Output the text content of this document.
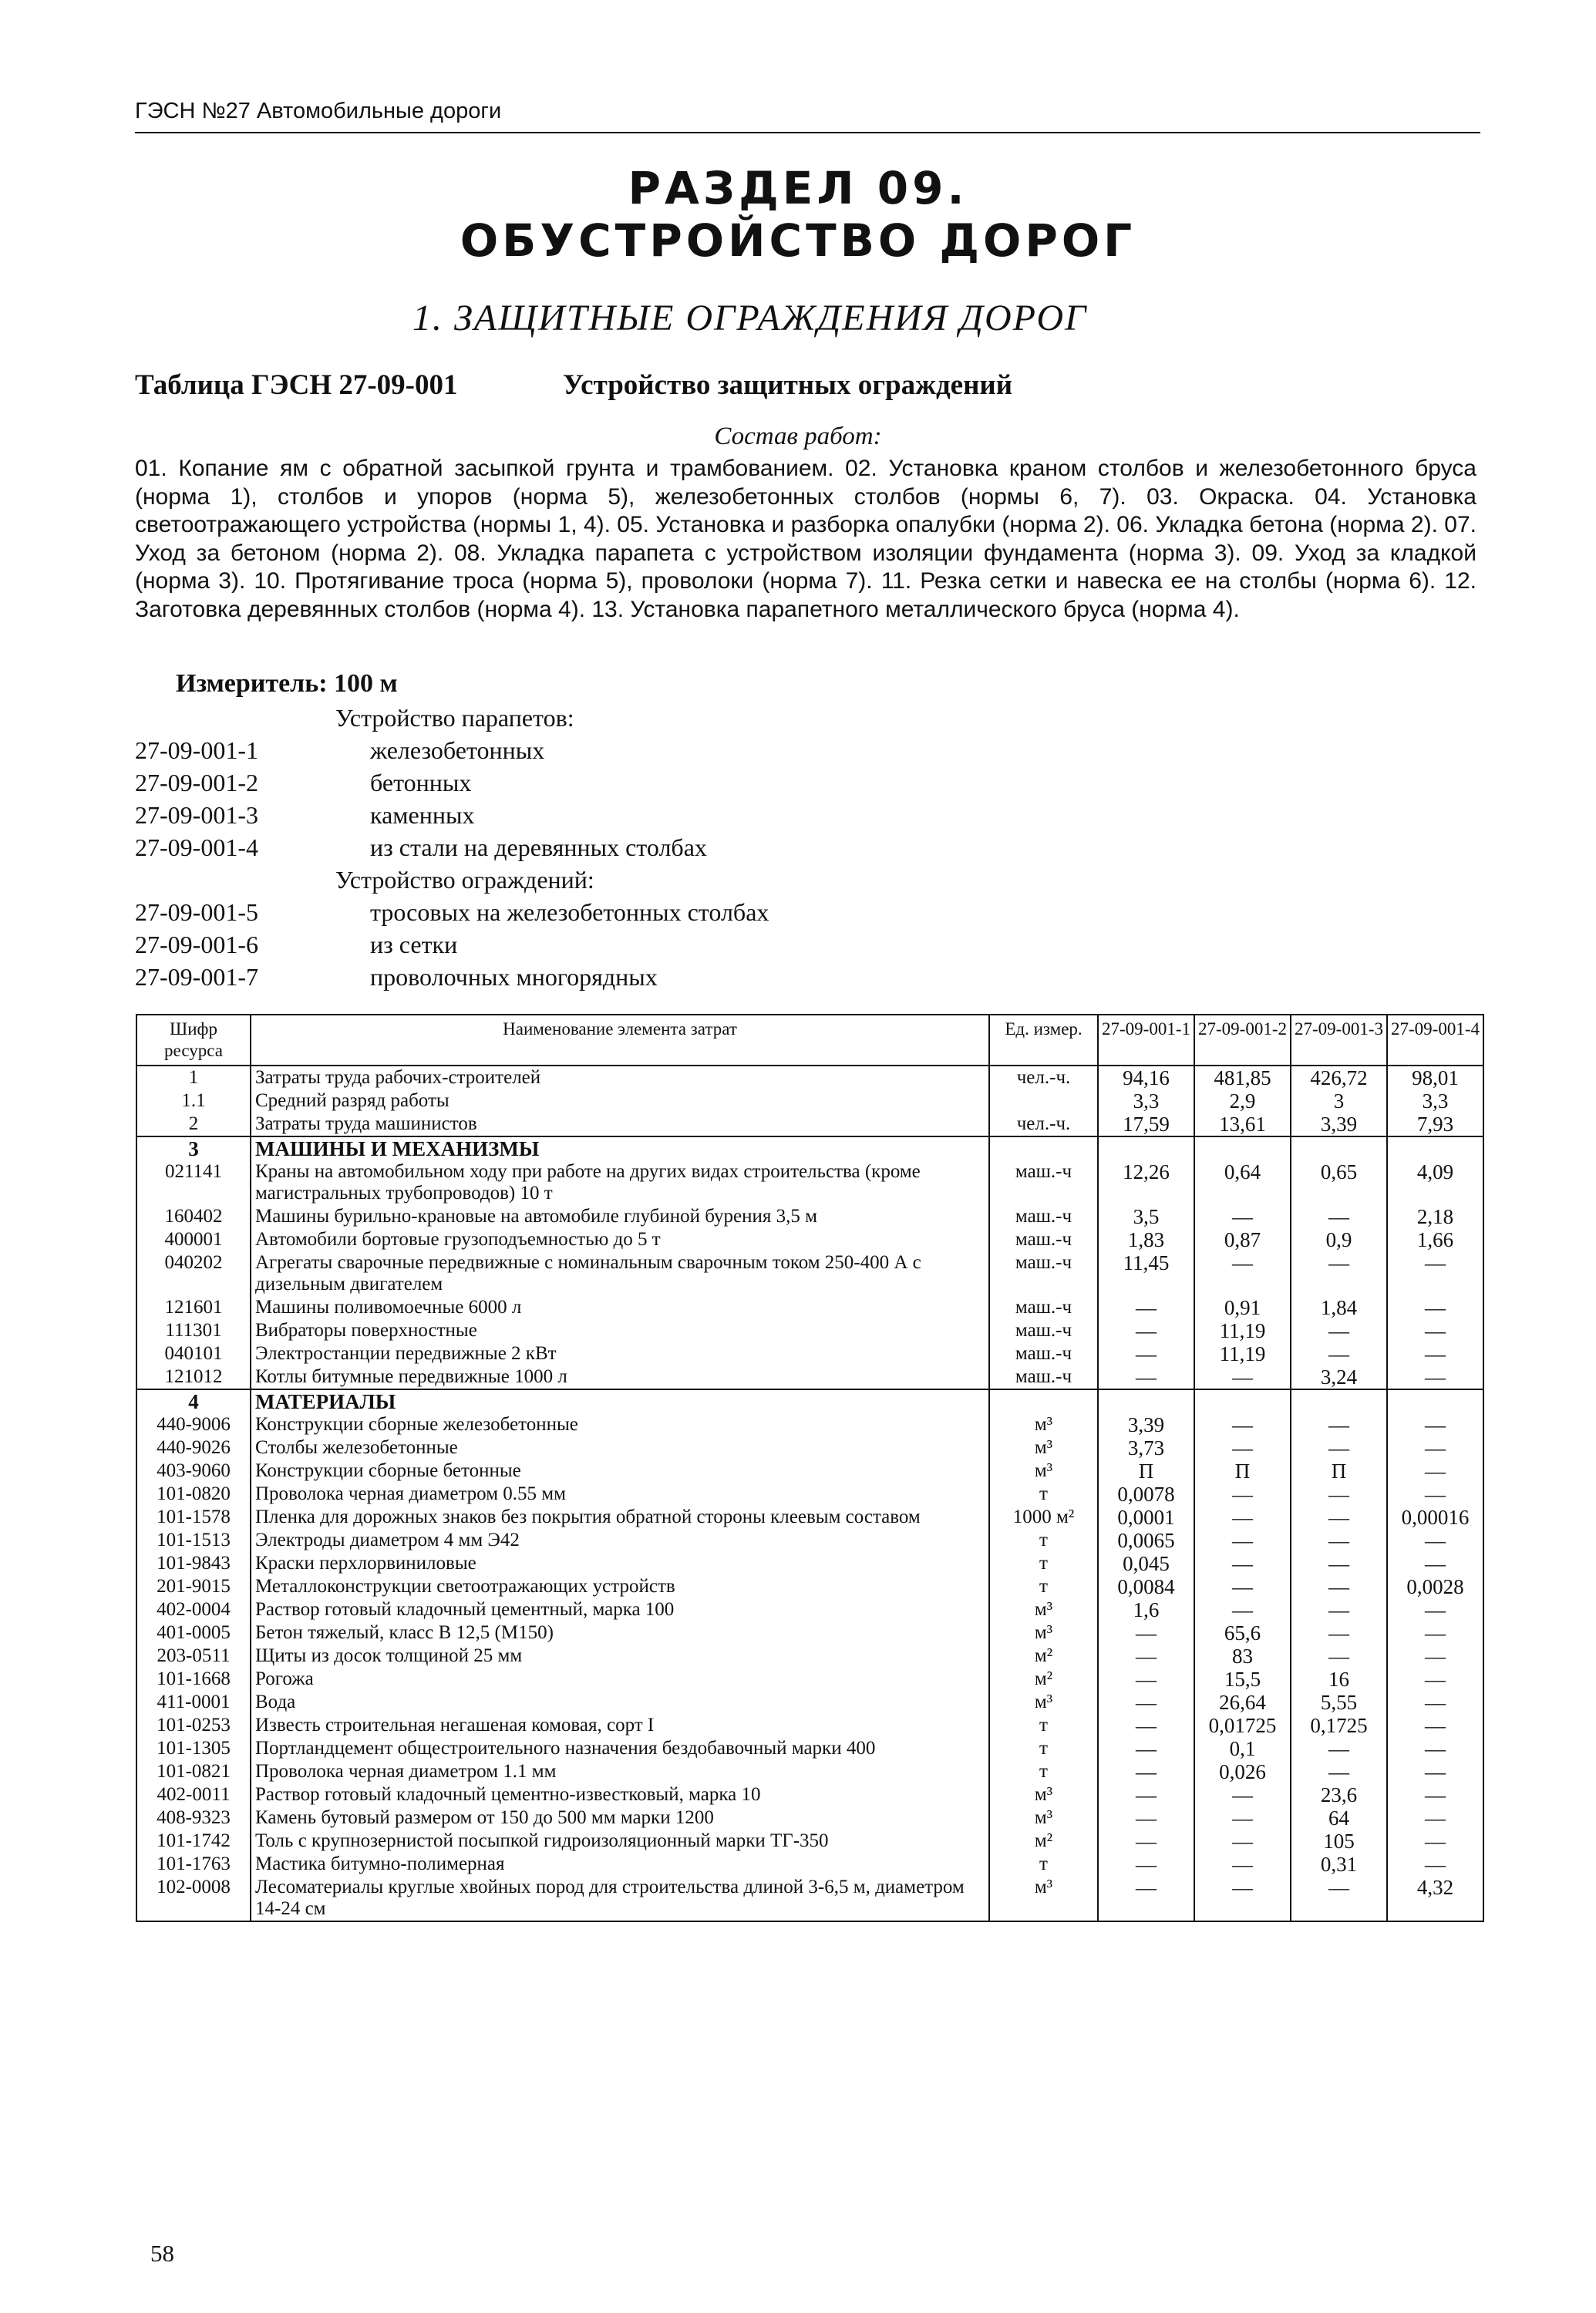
ГЭСН №27 Автомобильные дороги
РАЗДЕЛ 09.
ОБУСТРОЙСТВО ДОРОГ
1. ЗАЩИТНЫЕ ОГРАЖДЕНИЯ ДОРОГ
Таблица ГЭСН 27-09-001	Устройство защитных ограждений
Состав работ:
01. Копание ям с обратной засыпкой грунта и трамбованием. 02. Установка краном столбов и железобетонного бруса (норма 1), столбов и упоров (норма 5), железобетонных столбов (нормы 6, 7). 03. Окраска. 04. Установка светоотражающего устройства (нормы 1, 4). 05. Установка и разборка опалубки (норма 2). 06. Укладка бетона (норма 2). 07. Уход за бетоном (норма 2). 08. Укладка парапета с устройством изоляции фундамента (норма 3). 09. Уход за кладкой (норма 3). 10. Протягивание троса (норма 5), проволоки (норма 7). 11. Резка сетки и навеска ее на столбы (норма 6). 12. Заготовка деревянных столбов (норма 4). 13. Установка парапетного металлического бруса (норма 4).
Измеритель: 100 м
Устройство парапетов:
27-09-001-1	железобетонных
27-09-001-2	бетонных
27-09-001-3	каменных
27-09-001-4	из стали на деревянных столбах
Устройство ограждений:
27-09-001-5	тросовых на железобетонных столбах
27-09-001-6	из сетки
27-09-001-7	проволочных многорядных
Шифр ресурса	Наименование элемента затрат	Ед. измер.	27-09-001-1	27-09-001-2	27-09-001-3	27-09-001-4
1	Затраты труда рабочих-строителей	чел.-ч.	94,16	481,85	426,72	98,01
1.1	Средний разряд работы		3,3	2,9	3	3,3
2	Затраты труда машинистов	чел.-ч.	17,59	13,61	3,39	7,93
3	МАШИНЫ И МЕХАНИЗМЫ					
021141	Краны на автомобильном ходу при работе на других видах строительства (кроме магистральных трубопроводов) 10 т	маш.-ч	12,26	0,64	0,65	4,09
160402	Машины бурильно-крановые на автомобиле глубиной бурения 3,5 м	маш.-ч	3,5	—	—	2,18
400001	Автомобили бортовые грузоподъемностью до 5 т	маш.-ч	1,83	0,87	0,9	1,66
040202	Агрегаты сварочные передвижные с номинальным сварочным током 250-400 А с дизельным двигателем	маш.-ч	11,45	—	—	—
121601	Машины поливомоечные 6000 л	маш.-ч	—	0,91	1,84	—
111301	Вибраторы поверхностные	маш.-ч	—	11,19	—	—
040101	Электростанции передвижные 2 кВт	маш.-ч	—	11,19	—	—
121012	Котлы битумные передвижные 1000 л	маш.-ч	—	—	3,24	—
4	МАТЕРИАЛЫ					
440-9006	Конструкции сборные железобетонные	м³	3,39	—	—	—
440-9026	Столбы железобетонные	м³	3,73	—	—	—
403-9060	Конструкции сборные бетонные	м³	П	П	П	—
101-0820	Проволока черная диаметром 0.55 мм	т	0,0078	—	—	—
101-1578	Пленка для дорожных знаков без покрытия обратной стороны клеевым составом	1000 м²	0,0001	—	—	0,00016
101-1513	Электроды диаметром 4 мм Э42	т	0,0065	—	—	—
101-9843	Краски перхлорвиниловые	т	0,045	—	—	—
201-9015	Металлоконструкции светоотражающих устройств	т	0,0084	—	—	0,0028
402-0004	Раствор готовый кладочный цементный, марка 100	м³	1,6	—	—	—
401-0005	Бетон тяжелый, класс В 12,5 (М150)	м³	—	65,6	—	—
203-0511	Щиты из досок толщиной 25 мм	м²	—	83	—	—
101-1668	Рогожа	м²	—	15,5	16	—
411-0001	Вода	м³	—	26,64	5,55	—
101-0253	Известь строительная негашеная комовая, сорт I	т	—	0,01725	0,1725	—
101-1305	Портландцемент общестроительного назначения бездобавочный марки 400	т	—	0,1	—	—
101-0821	Проволока черная диаметром 1.1 мм	т	—	0,026	—	—
402-0011	Раствор готовый кладочный цементно-известковый, марка 10	м³	—	—	23,6	—
408-9323	Камень бутовый размером от 150 до 500 мм марки 1200	м³	—	—	64	—
101-1742	Толь с крупнозернистой посыпкой гидроизоляционный марки ТГ-350	м²	—	—	105	—
101-1763	Мастика битумно-полимерная	т	—	—	0,31	—
102-0008	Лесоматериалы круглые хвойных пород для строительства длиной 3-6,5 м, диаметром 14-24 см	м³	—	—	—	4,32
58
